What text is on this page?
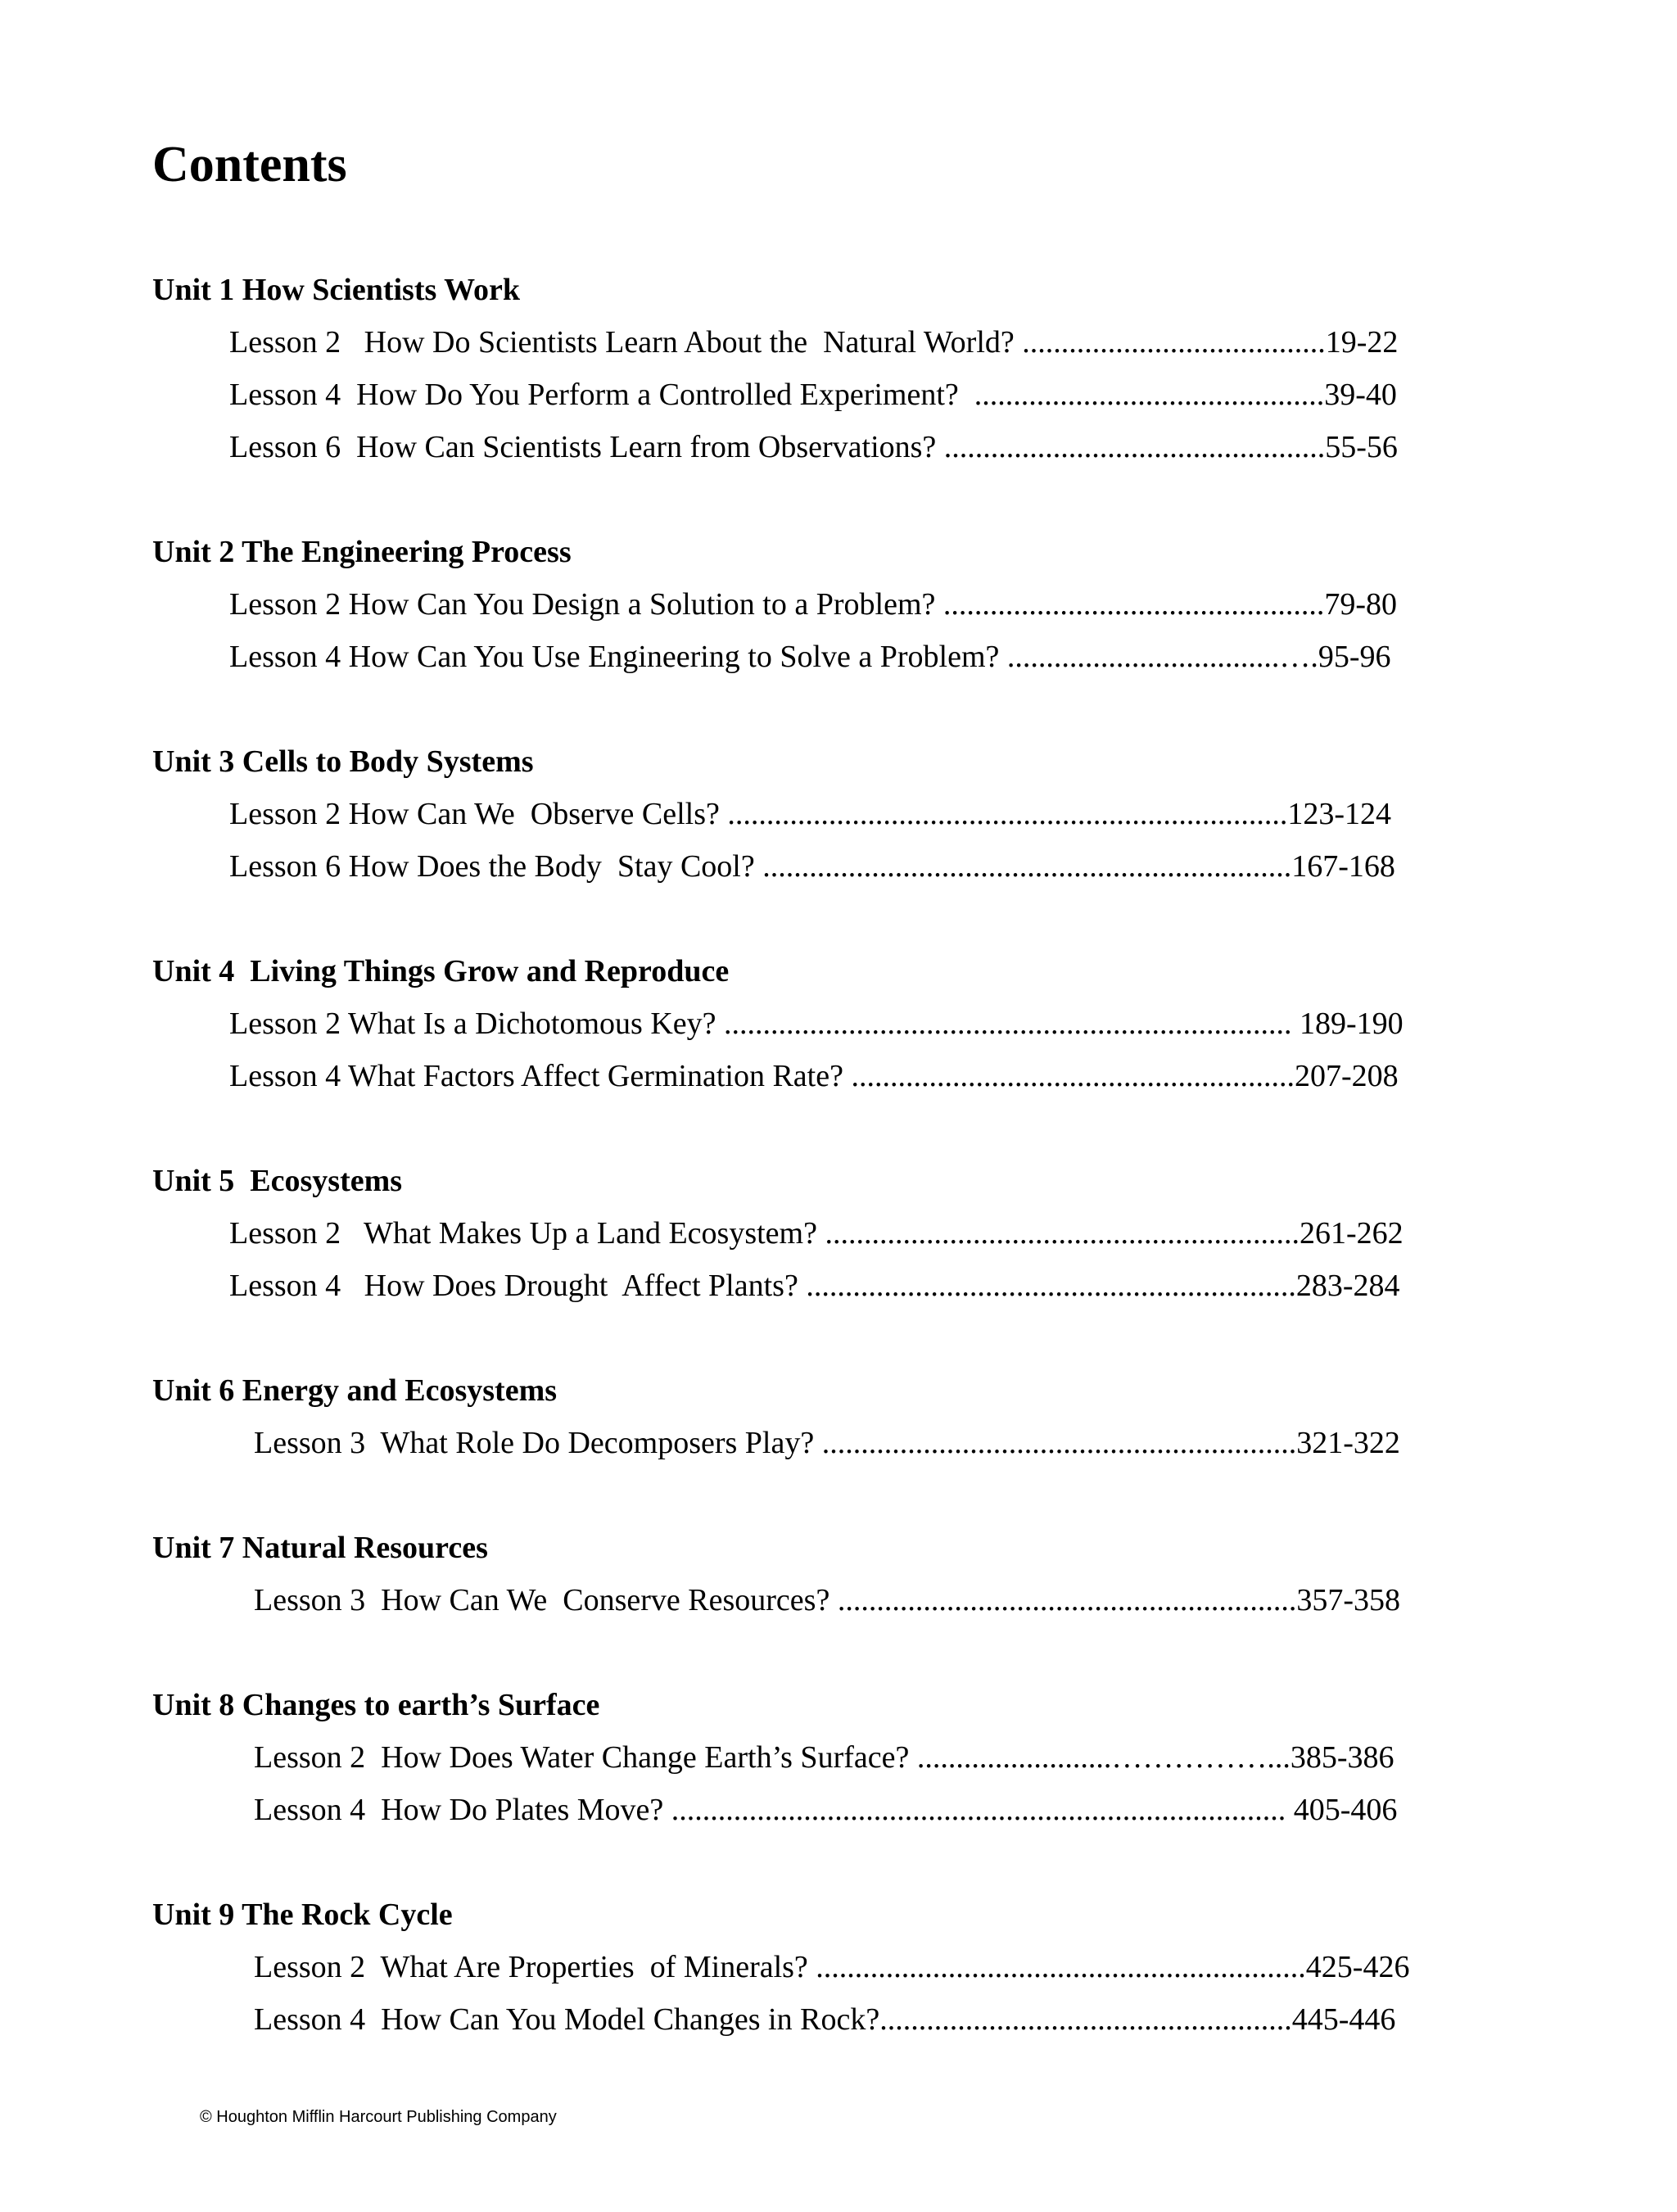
Contents
Unit 1 How Scientists Work
Lesson 2   How Do Scientists Learn About the  Natural World? .......................................19-22
Lesson 4  How Do You Perform a Controlled Experiment?  .............................................39-40
Lesson 6  How Can Scientists Learn from Observations? .................................................55-56
Unit 2 The Engineering Process
Lesson 2 How Can You Design a Solution to a Problem? .................................................79-80
Lesson 4 How Can You Use Engineering to Solve a Problem? ...................................….95-96
Unit 3 Cells to Body Systems
Lesson 2 How Can We  Observe Cells? ........................................................................123-124
Lesson 6 How Does the Body  Stay Cool? ....................................................................167-168
Unit 4  Living Things Grow and Reproduce
Lesson 2 What Is a Dichotomous Key? ......................................................................... 189-190
Lesson 4 What Factors Affect Germination Rate? .........................................................207-208
Unit 5  Ecosystems
Lesson 2   What Makes Up a Land Ecosystem? .............................................................261-262
Lesson 4   How Does Drought  Affect Plants? ...............................................................283-284
Unit 6 Energy and Ecosystems
Lesson 3  What Role Do Decomposers Play? .............................................................321-322
Unit 7 Natural Resources
Lesson 3  How Can We  Conserve Resources? ...........................................................357-358
Unit 8 Changes to earth’s Surface
Lesson 2  How Does Water Change Earth’s Surface? .........................……………...385-386
Lesson 4  How Do Plates Move? ............................................................................... 405-406
Unit 9 The Rock Cycle
Lesson 2  What Are Properties  of Minerals? ...............................................................425-426
Lesson 4  How Can You Model Changes in Rock?.....................................................445-446
© Houghton Mifflin Harcourt Publishing Company
